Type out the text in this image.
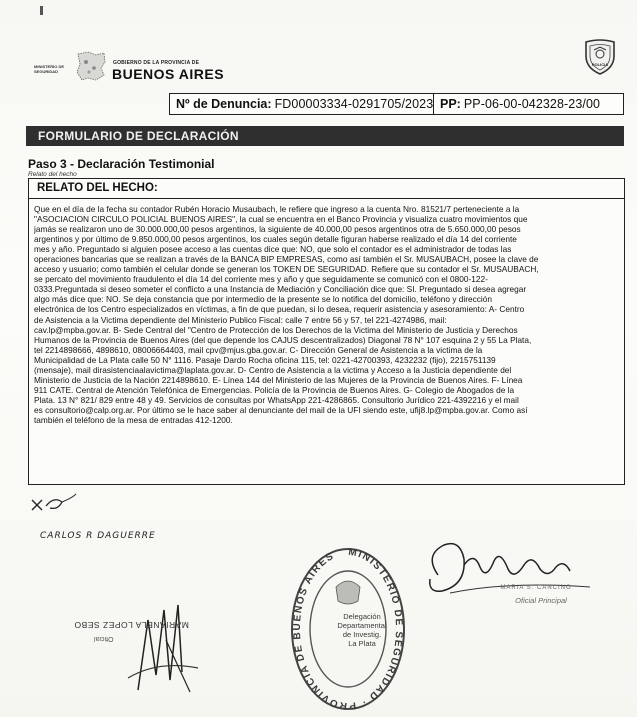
MINISTERIO DE SEGURIDAD
GOBIERNO DE LA PROVINCIA DE
BUENOS AIRES
POLICIA
Nº de Denuncia: FD00003334-0291705/2023 PP: PP-06-00-042328-23/00
FORMULARIO DE DECLARACIÓN
Paso 3 - Declaración Testimonial
Relato del hecho
RELATO DEL HECHO:
Que en el día de la fecha su contador Rubén Horacio Musaubach, le refiere que ingreso a la cuenta Nro. 81521/7 perteneciente a la
"ASOCIACION CIRCULO POLICIAL BUENOS AIRES", la cual se encuentra en el Banco Provincia y visualiza cuatro movimientos que
jamás se realizaron uno de 30.000.000,00 pesos argentinos, la siguiente de 40.000,00 pesos argentinos otra de 5.650.000,00 pesos
argentinos y por último de 9.850.000,00 pesos argentinos, los cuales según detalle figuran haberse realizado el día 14 del corriente
mes y año. Preguntado si alguien posee acceso a las cuentas dice que: NO, que solo el contador es el administrador de todas las
operaciones bancarias que se realizan a través de la BANCA BIP EMPRESAS, como así también el Sr. MUSAUBACH, posee la clave de
acceso y usuario; como también el celular donde se generan los TOKEN DE SEGURIDAD. Refiere que su contador el Sr. MUSAUBACH,
se percato del movimiento fraudulento el día 14 del corriente mes y año y que seguidamente se comunicó con el 0800-122-
0333.Preguntada si deseo someter el conflicto a una Instancia de Mediación y Conciliación dice que: SI. Preguntado si desea agregar
algo más dice que: NO. Se deja constancia que por intermedio de la presente se lo notifica del domicilio, teléfono y dirección
electrónica de los Centro especializados en víctimas, a fin de que puedan, si lo desea, requerir asistencia y asesoramiento: A- Centro
de Asistencia a la Victima dependiente del Ministerio Publico Fiscal: calle 7 entre 56 y 57, tel 221-4274986, mail:
cav.lp@mpba.gov.ar. B- Sede Central del "Centro de Protección de los Derechos de la Victima del Ministerio de Justicia y Derechos
Humanos de la Provincia de Buenos Aires (del que depende los CAJUS descentralizados) Diagonal 78 N° 107 esquina 2 y 55 La Plata,
tel 2214898666, 4898610, 08006664403, mail cpv@mjus.gba.gov.ar. C- Dirección General de Asistencia a la victima de la
Municipalidad de La Plata calle 50 N° 1116. Pasaje Dardo Rocha oficina 115, tel: 0221-42700393, 4232232 (fijo), 2215751139
(mensaje), mail dirasistenciaalavictima@laplata.gov.ar. D- Centro de Asistencia a la victima y Acceso a la Justicia dependiente del
Ministerio de Justicia de la Nación 2214898610. E- Línea 144 del Ministerio de las Mujeres de la Provincia de Buenos Aires. F- Línea
911 CATE. Central de Atención Telefónica de Emergencias. Policía de la Provincia de Buenos Aires. G- Colegio de Abogados de la
Plata. 13 N° 821/ 829 entre 48 y 49. Servicios de consultas por WhatsApp 221-4286865. Consultorio Jurídico 221-4392216 y el mail
es consultorio@calp.org.ar. Por último se le hace saber al denunciante del mail de la UFI siendo este, ufij8.lp@mpba.gov.ar. Como así
también el teléfono de la mesa de entradas 412-1200.
CARLOS R DAGUERRE
MARIANELA LOPEZ SEBO
Oficial
MINISTERIO DE SEGURIDAD · PROVINCIA DE BUENOS AIRES
Delegación
Departamental
de Investig.
La Plata
MARIA S. CANCINO
Oficial Principal
